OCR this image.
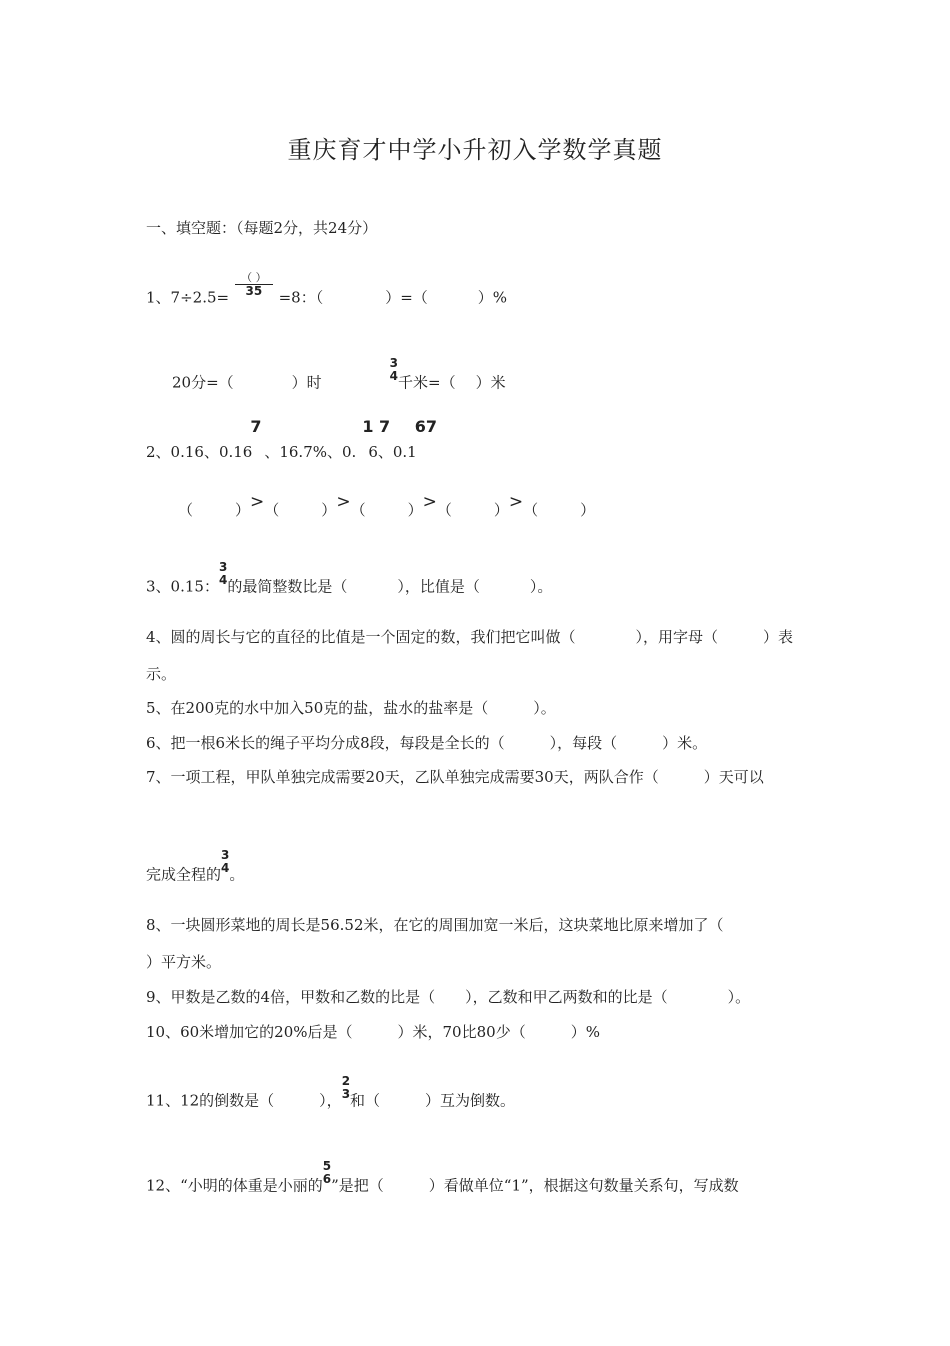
重庆育才中学小升初入学数学真题
一、填空题：（每题2分，共24分）
1、7÷2.5=
（ ）
35	=8：（	）=（	）%
20分=（	）时
3
4 千米=（ ）米
2、0.16、0.16
7
、16.7%、0.
1 7
6、0.1
67
（	）>（	）>（	）>（	）>（	）
3、0.15：
3
4 的最简整数比是（	），比值是（	）。
4、圆的周长与它的直径的比值是一个固定的数，我们把它叫做（　　　　），用字母（　　　）表
示。
5、在200克的水中加入50克的盐，盐水的盐率是（　　　）。
6、把一根6米长的绳子平均分成8段，每段是全长的（　　　），每段（　　　）米。
7、一项工程，甲队单独完成需要20天，乙队单独完成需要30天，两队合作（　　　）天可以
完成全程的
3
4 。
8、一块圆形菜地的周长是56.52米，在它的周围加宽一米后，这块菜地比原来增加了（
）平方米。
9、甲数是乙数的4倍，甲数和乙数的比是（　　），乙数和甲乙两数和的比是（　　　　）。
10、60米增加它的20%后是（　　　）米，70比80少（　　　）%
11、12的倒数是（　　　），
2
3 和（　　　）互为倒数。
12、“小明的体重是小丽的
5
6 ”是把（　　　）看做单位“1”，根据这句数量关系句，写成数
